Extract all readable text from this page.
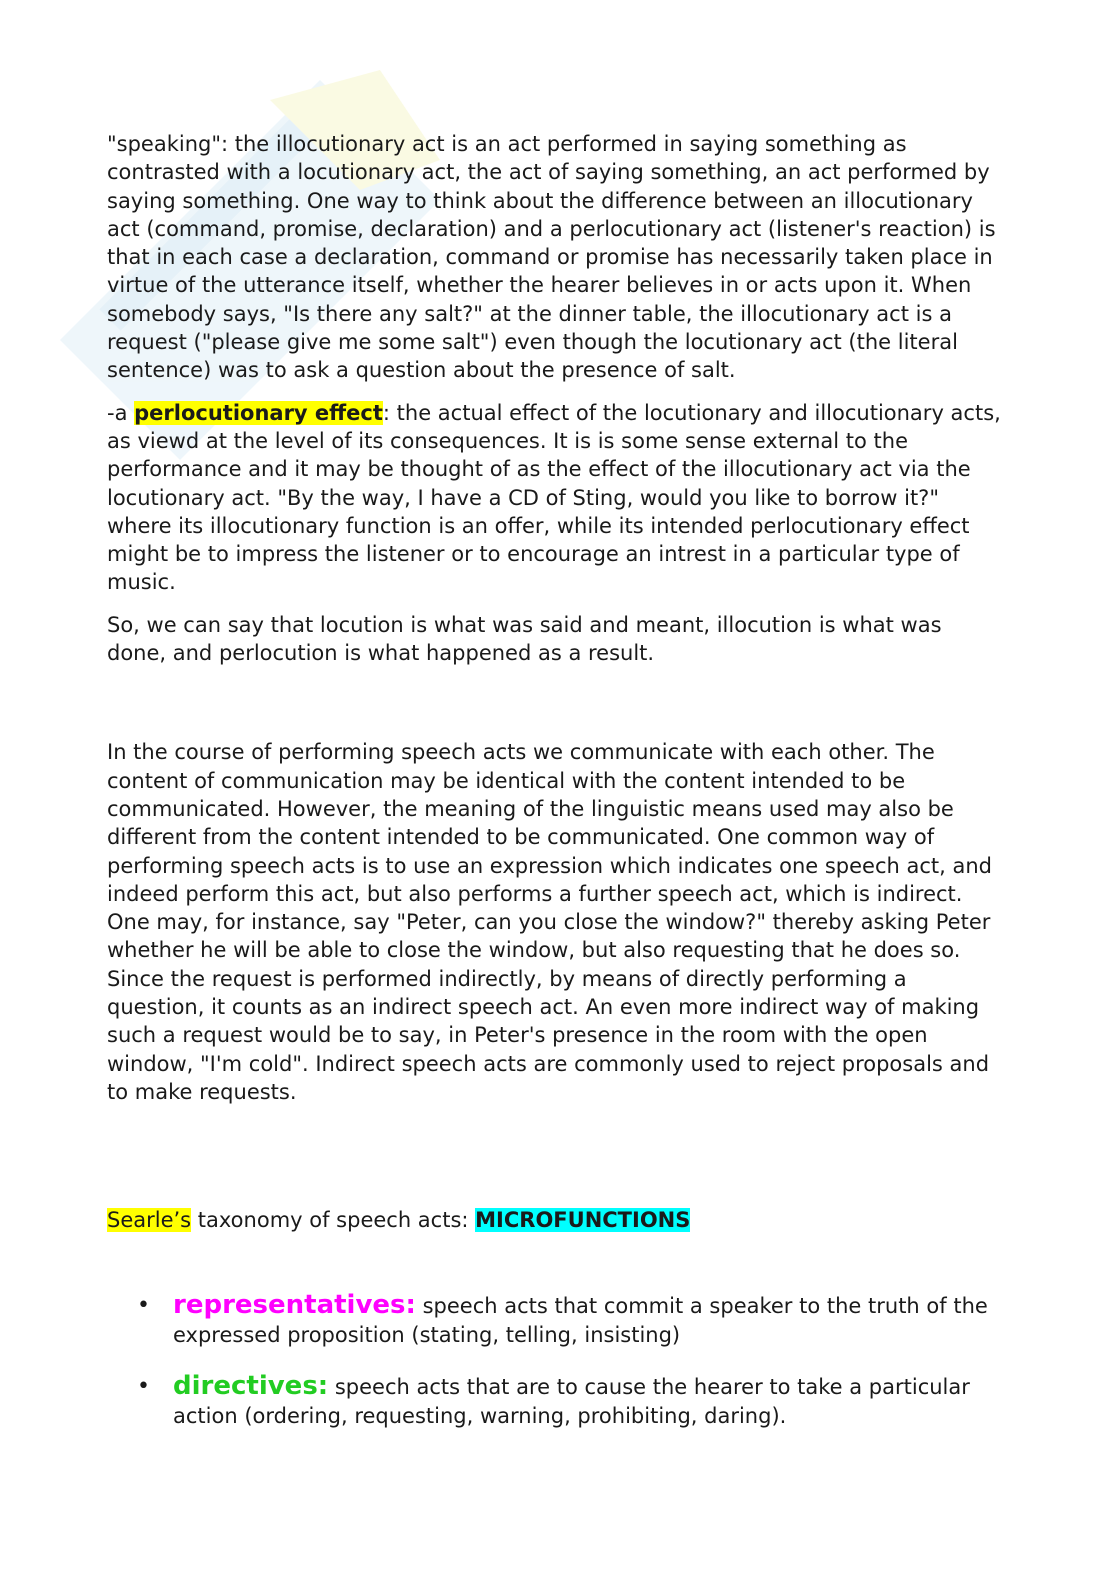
"speaking": the illocutionary act is an act performed in saying something as contrasted with a locutionary act, the act of saying something, an act performed by saying something. One way to think about the difference between an illocutionary act (command, promise, declaration) and a perlocutionary act (listener's reaction) is that in each case a declaration, command or promise has necessarily taken place in virtue of the utterance itself, whether the hearer believes in or acts upon it. When somebody says, "Is there any salt?" at the dinner table, the illocutionary act is a request ("please give me some salt") even though the locutionary act (the literal sentence) was to ask a question about the presence of salt.

-a perlocutionary effect: the actual effect of the locutionary and illocutionary acts, as viewd at the level of its consequences. It is is some sense external to the performance and it may be thought of as the effect of the illocutionary act via the locutionary act. "By the way, I have a CD of Sting, would you like to borrow it?" where its illocutionary function is an offer, while its intended perlocutionary effect might be to impress the listener or to encourage an intrest in a particular type of music.

So, we can say that locution is what was said and meant, illocution is what was done, and perlocution is what happened as a result.

In the course of performing speech acts we communicate with each other. The content of communication may be identical with the content intended to be communicated. However, the meaning of the linguistic means used may also be different from the content intended to be communicated. One common way of performing speech acts is to use an expression which indicates one speech act, and indeed perform this act, but also performs a further speech act, which is indirect. One may, for instance, say "Peter, can you close the window?" thereby asking Peter whether he will be able to close the window, but also requesting that he does so. Since the request is performed indirectly, by means of directly performing a question, it counts as an indirect speech act. An even more indirect way of making such a request would be to say, in Peter's presence in the room with the open window, "I'm cold". Indirect speech acts are commonly used to reject proposals and to make requests.

Searle’s taxonomy of speech acts: MICROFUNCTIONS

• representatives: speech acts that commit a speaker to the truth of the expressed proposition (stating, telling, insisting)
• directives: speech acts that are to cause the hearer to take a particular action (ordering, requesting, warning, prohibiting, daring).
